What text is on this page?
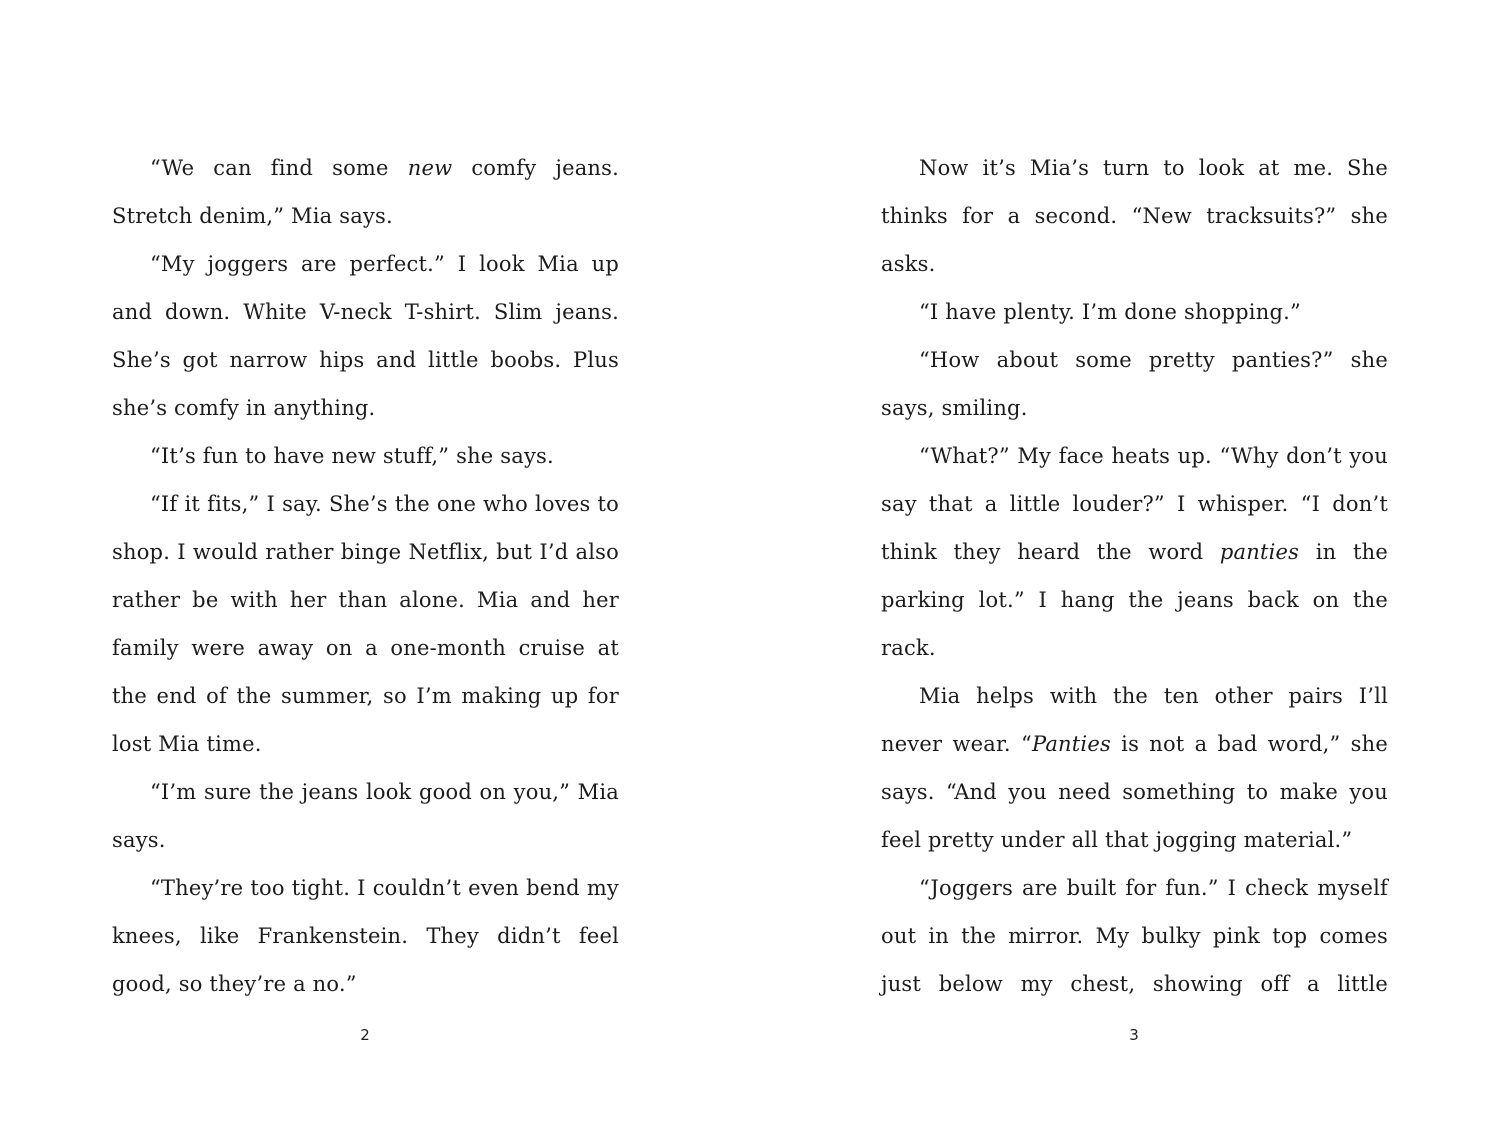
“We can find some new comfy jeans. Stretch denim,” Mia says.

“My joggers are perfect.” I look Mia up and down. White V-neck T-shirt. Slim jeans. She’s got narrow hips and little boobs. Plus she’s comfy in anything.

“It’s fun to have new stuff,” she says.

“If it fits,” I say. She’s the one who loves to shop. I would rather binge Netflix, but I’d also rather be with her than alone. Mia and her family were away on a one-month cruise at the end of the summer, so I’m making up for lost Mia time.

“I’m sure the jeans look good on you,” Mia says.

“They’re too tight. I couldn’t even bend my knees, like Frankenstein. They didn’t feel good, so they’re a no.”

2

Now it’s Mia’s turn to look at me. She thinks for a second. “New tracksuits?” she asks.

“I have plenty. I’m done shopping.”

“How about some pretty panties?” she says, smiling.

“What?” My face heats up. “Why don’t you say that a little louder?” I whisper. “I don’t think they heard the word panties in the parking lot.” I hang the jeans back on the rack.

Mia helps with the ten other pairs I’ll never wear. “Panties is not a bad word,” she says. “And you need something to make you feel pretty under all that jogging material.”

“Joggers are built for fun.” I check myself out in the mirror. My bulky pink top comes just below my chest, showing off a little

3
